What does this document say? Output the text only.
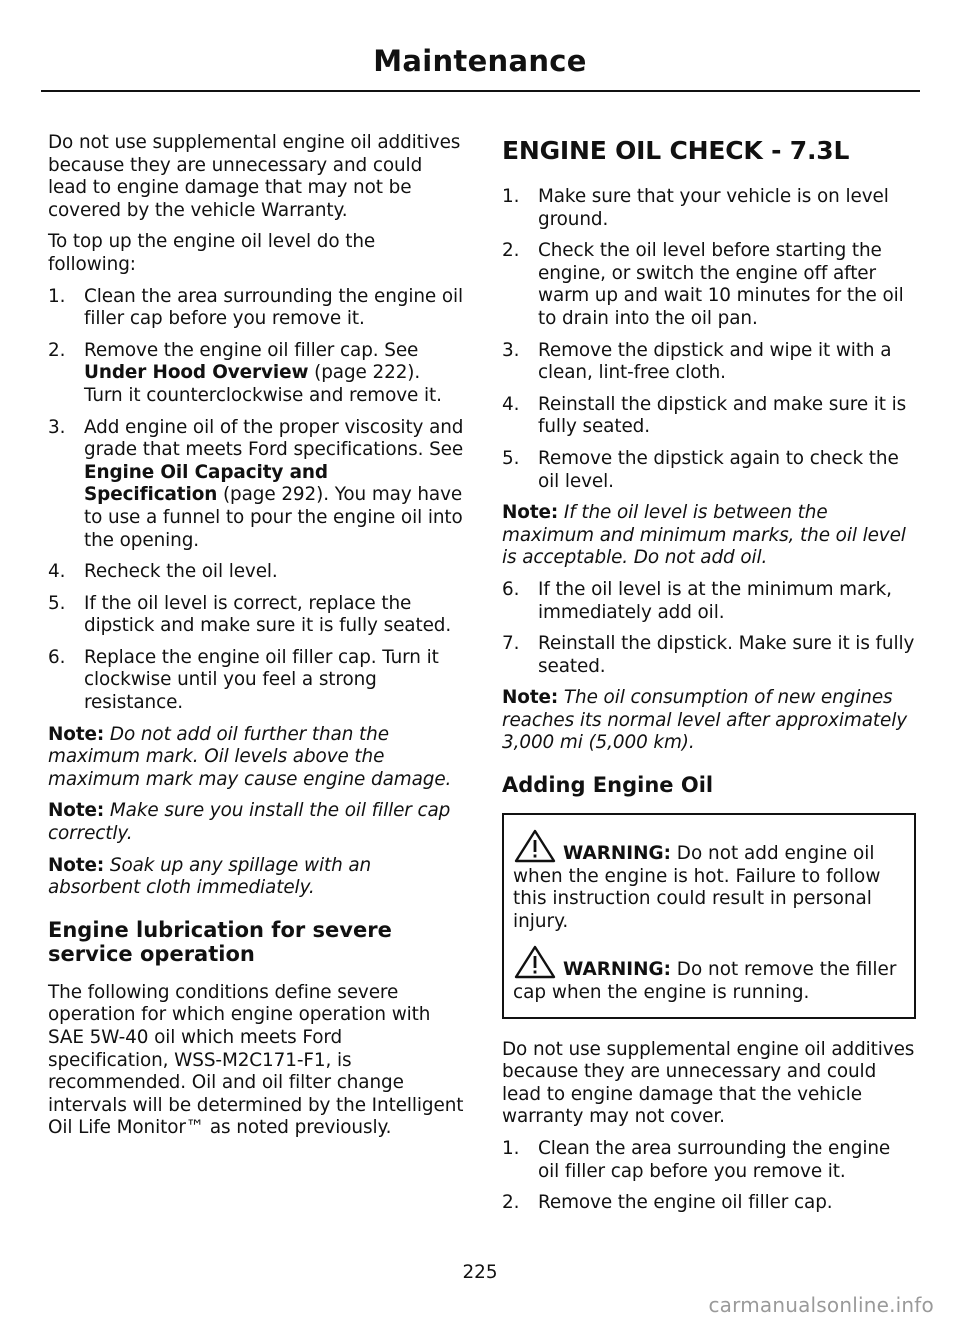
Maintenance

Do not use supplemental engine oil additives because they are unnecessary and could lead to engine damage that may not be covered by the vehicle Warranty.

To top up the engine oil level do the following:

1. Clean the area surrounding the engine oil filler cap before you remove it.
2. Remove the engine oil filler cap. See Under Hood Overview (page 222). Turn it counterclockwise and remove it.
3. Add engine oil of the proper viscosity and grade that meets Ford specifications. See Engine Oil Capacity and Specification (page 292). You may have to use a funnel to pour the engine oil into the opening.
4. Recheck the oil level.
5. If the oil level is correct, replace the dipstick and make sure it is fully seated.
6. Replace the engine oil filler cap. Turn it clockwise until you feel a strong resistance.
Note: Do not add oil further than the maximum mark. Oil levels above the maximum mark may cause engine damage.
Note: Make sure you install the oil filler cap correctly.
Note: Soak up any spillage with an absorbent cloth immediately.
Engine lubrication for severe service operation

The following conditions define severe operation for which engine operation with SAE 5W-40 oil which meets Ford specification, WSS-M2C171-F1, is recommended. Oil and oil filter change intervals will be determined by the Intelligent Oil Life Monitor™ as noted previously.

ENGINE OIL CHECK - 7.3L
1. Make sure that your vehicle is on level ground.
2. Check the oil level before starting the engine, or switch the engine off after warm up and wait 10 minutes for the oil to drain into the oil pan.
3. Remove the dipstick and wipe it with a clean, lint-free cloth.
4. Reinstall the dipstick and make sure it is fully seated.
5. Remove the dipstick again to check the oil level.
Note: If the oil level is between the maximum and minimum marks, the oil level is acceptable. Do not add oil.
6. If the oil level is at the minimum mark, immediately add oil.
7. Reinstall the dipstick. Make sure it is fully seated.
Note: The oil consumption of new engines reaches its normal level after approximately 3,000 mi (5,000 km).
Adding Engine Oil
WARNING: Do not add engine oil when the engine is hot. Failure to follow this instruction could result in personal injury.
WARNING: Do not remove the filler cap when the engine is running.

Do not use supplemental engine oil additives because they are unnecessary and could lead to engine damage that the vehicle warranty may not cover.

1. Clean the area surrounding the engine oil filler cap before you remove it.
2. Remove the engine oil filler cap.
225
carmanualsonline.info
